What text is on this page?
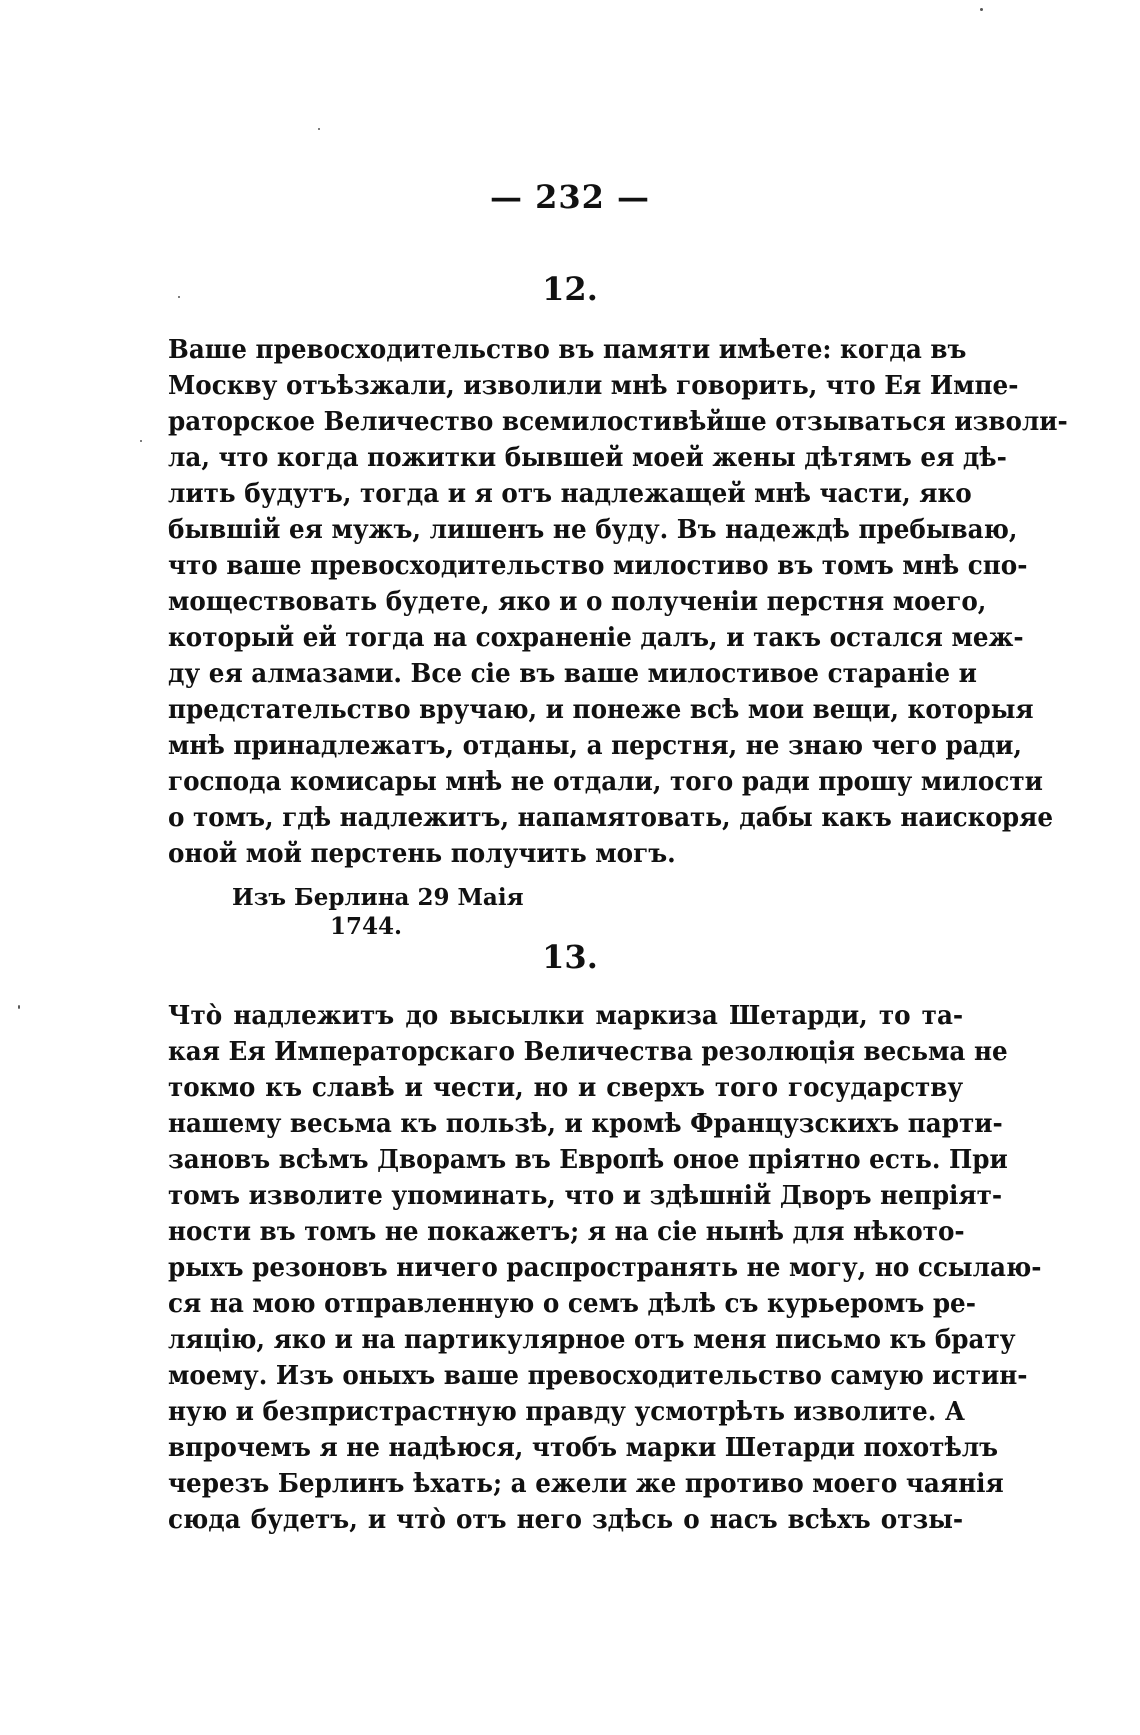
— 232 —
12.
Ваше превосходительство въ памяти имѣете: когда въ
Москву отъѣзжали, изволили мнѣ говорить, что Ея Импе-
раторское Величество всемилостивѣйше отзываться изволи-
ла, что когда пожитки бывшей моей жены дѣтямъ ея дѣ-
лить будутъ, тогда и я отъ надлежащей мнѣ части, яко
бывшій ея мужъ, лишенъ не буду. Въ надеждѣ пребываю,
что ваше превосходительство милостиво въ томъ мнѣ спо-
моществовать будете, яко и о полученіи перстня моего,
который ей тогда на сохраненіе далъ, и такъ остался меж-
ду ея алмазами. Все сіе въ ваше милостивое стараніе и
предстательство вручаю, и понеже всѣ мои вещи, которыя
мнѣ принадлежатъ, отданы, а перстня, не знаю чего ради,
господа комисары мнѣ не отдали, того ради прошу милости
о томъ, гдѣ надлежитъ, напамятовать, дабы какъ наискоряе
оной мой перстень получить могъ.
Изъ Берлина 29 Маія
1744.
13.
Что̀ надлежитъ до высылки маркиза Шетарди, то та-
кая Ея Императорскаго Величества резолюція весьма не
токмо къ славѣ и чести, но и сверхъ того государству
нашему весьма къ пользѣ, и кромѣ Французскихъ парти-
зановъ всѣмъ Дворамъ въ Европѣ оное пріятно есть. При
томъ изволите упоминать, что и здѣшній Дворъ непріят-
ности въ томъ не покажетъ; я на сіе нынѣ для нѣкото-
рыхъ резоновъ ничего распространять не могу, но ссылаю-
ся на мою отправленную о семъ дѣлѣ съ курьеромъ ре-
ляцію, яко и на партикулярное отъ меня письмо къ брату
моему. Изъ оныхъ ваше превосходительство самую истин-
ную и безпристрастную правду усмотрѣть изволите. А
впрочемъ я не надѣюся, чтобъ марки Шетарди похотѣлъ
черезъ Берлинъ ѣхать; а ежели же противо моего чаянія
сюда будетъ, и что̀ отъ него здѣсь о насъ всѣхъ отзы-
